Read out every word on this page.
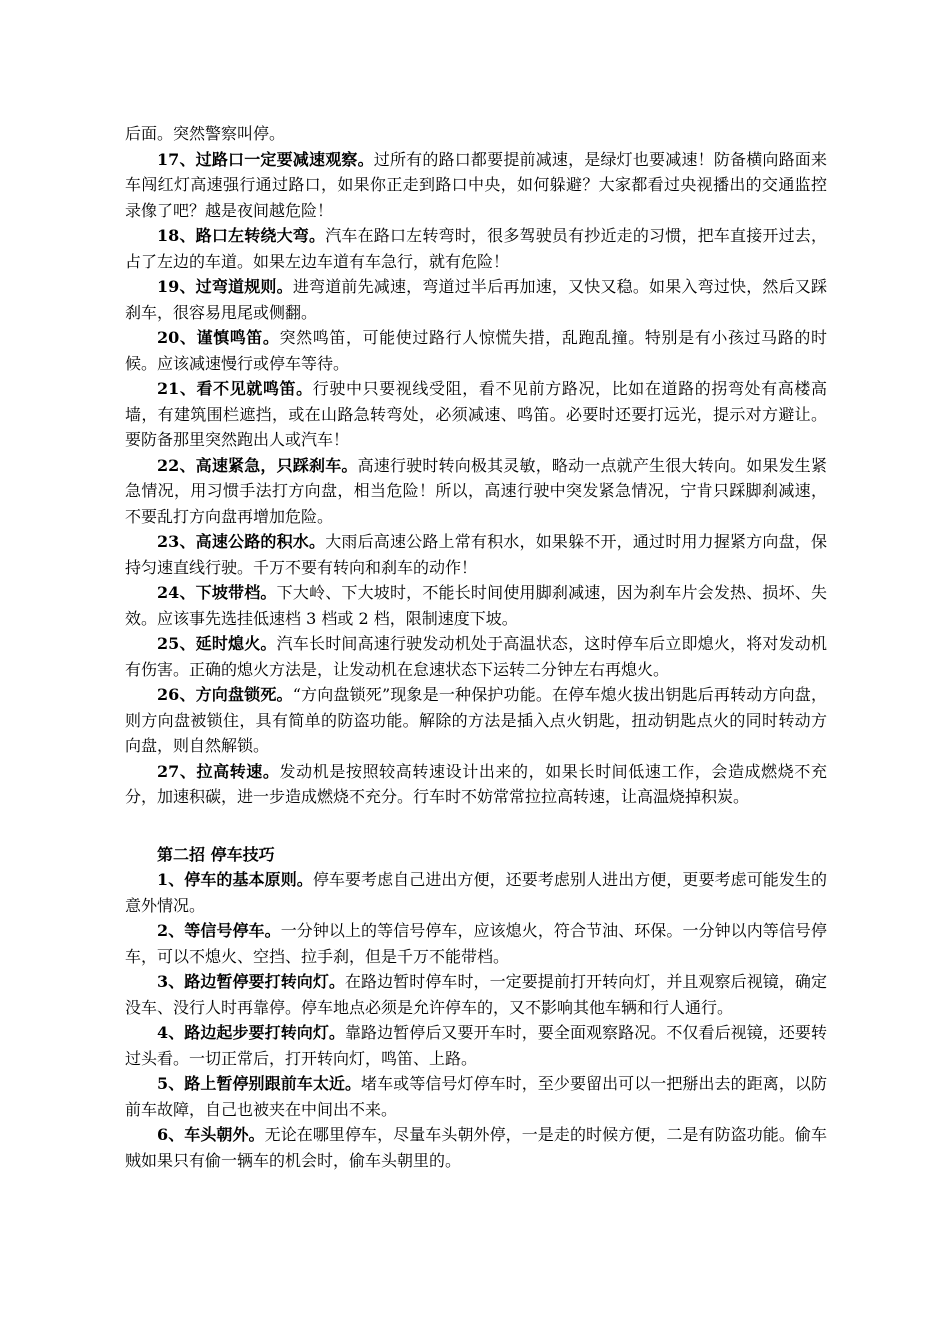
后面。突然警察叫停。

17、过路口一定要减速观察。过所有的路口都要提前减速，是绿灯也要减速！防备横向路面来车闯红灯高速强行通过路口，如果你正走到路口中央，如何躲避？大家都看过央视播出的交通监控录像了吧？越是夜间越危险！

18、路口左转绕大弯。汽车在路口左转弯时，很多驾驶员有抄近走的习惯，把车直接开过去，占了左边的车道。如果左边车道有车急行，就有危险！

19、过弯道规则。进弯道前先减速，弯道过半后再加速，又快又稳。如果入弯过快，然后又踩刹车，很容易甩尾或侧翻。

20、谨慎鸣笛。突然鸣笛，可能使过路行人惊慌失措，乱跑乱撞。特别是有小孩过马路的时候。应该减速慢行或停车等待。

21、看不见就鸣笛。行驶中只要视线受阻，看不见前方路况，比如在道路的拐弯处有高楼高墙，有建筑围栏遮挡，或在山路急转弯处，必须减速、鸣笛。必要时还要打远光，提示对方避让。要防备那里突然跑出人或汽车！

22、高速紧急，只踩刹车。高速行驶时转向极其灵敏，略动一点就产生很大转向。如果发生紧急情况，用习惯手法打方向盘，相当危险！所以，高速行驶中突发紧急情况，宁肯只踩脚刹减速，不要乱打方向盘再增加危险。

23、高速公路的积水。大雨后高速公路上常有积水，如果躲不开，通过时用力握紧方向盘，保持匀速直线行驶。千万不要有转向和刹车的动作！

24、下坡带档。下大岭、下大坡时，不能长时间使用脚刹减速，因为刹车片会发热、损坏、失效。应该事先选挂低速档 3 档或 2 档，限制速度下坡。

25、延时熄火。汽车长时间高速行驶发动机处于高温状态，这时停车后立即熄火，将对发动机有伤害。正确的熄火方法是，让发动机在怠速状态下运转二分钟左右再熄火。

26、方向盘锁死。“方向盘锁死”现象是一种保护功能。在停车熄火拔出钥匙后再转动方向盘，则方向盘被锁住，具有简单的防盗功能。解除的方法是插入点火钥匙，扭动钥匙点火的同时转动方向盘，则自然解锁。

27、拉高转速。发动机是按照较高转速设计出来的，如果长时间低速工作，会造成燃烧不充分，加速积碳，进一步造成燃烧不充分。行车时不妨常常拉拉高转速，让高温烧掉积炭。

第二招 停车技巧

1、停车的基本原则。停车要考虑自己进出方便，还要考虑别人进出方便，更要考虑可能发生的意外情况。

2、等信号停车。一分钟以上的等信号停车，应该熄火，符合节油、环保。一分钟以内等信号停车，可以不熄火、空挡、拉手刹，但是千万不能带档。

3、路边暂停要打转向灯。在路边暂时停车时，一定要提前打开转向灯，并且观察后视镜，确定没车、没行人时再靠停。停车地点必须是允许停车的，又不影响其他车辆和行人通行。

4、路边起步要打转向灯。靠路边暂停后又要开车时，要全面观察路况。不仅看后视镜，还要转过头看。一切正常后，打开转向灯，鸣笛、上路。

5、路上暂停别跟前车太近。堵车或等信号灯停车时，至少要留出可以一把掰出去的距离，以防前车故障，自己也被夹在中间出不来。

6、车头朝外。无论在哪里停车，尽量车头朝外停，一是走的时候方便，二是有防盗功能。偷车贼如果只有偷一辆车的机会时，偷车头朝里的。
